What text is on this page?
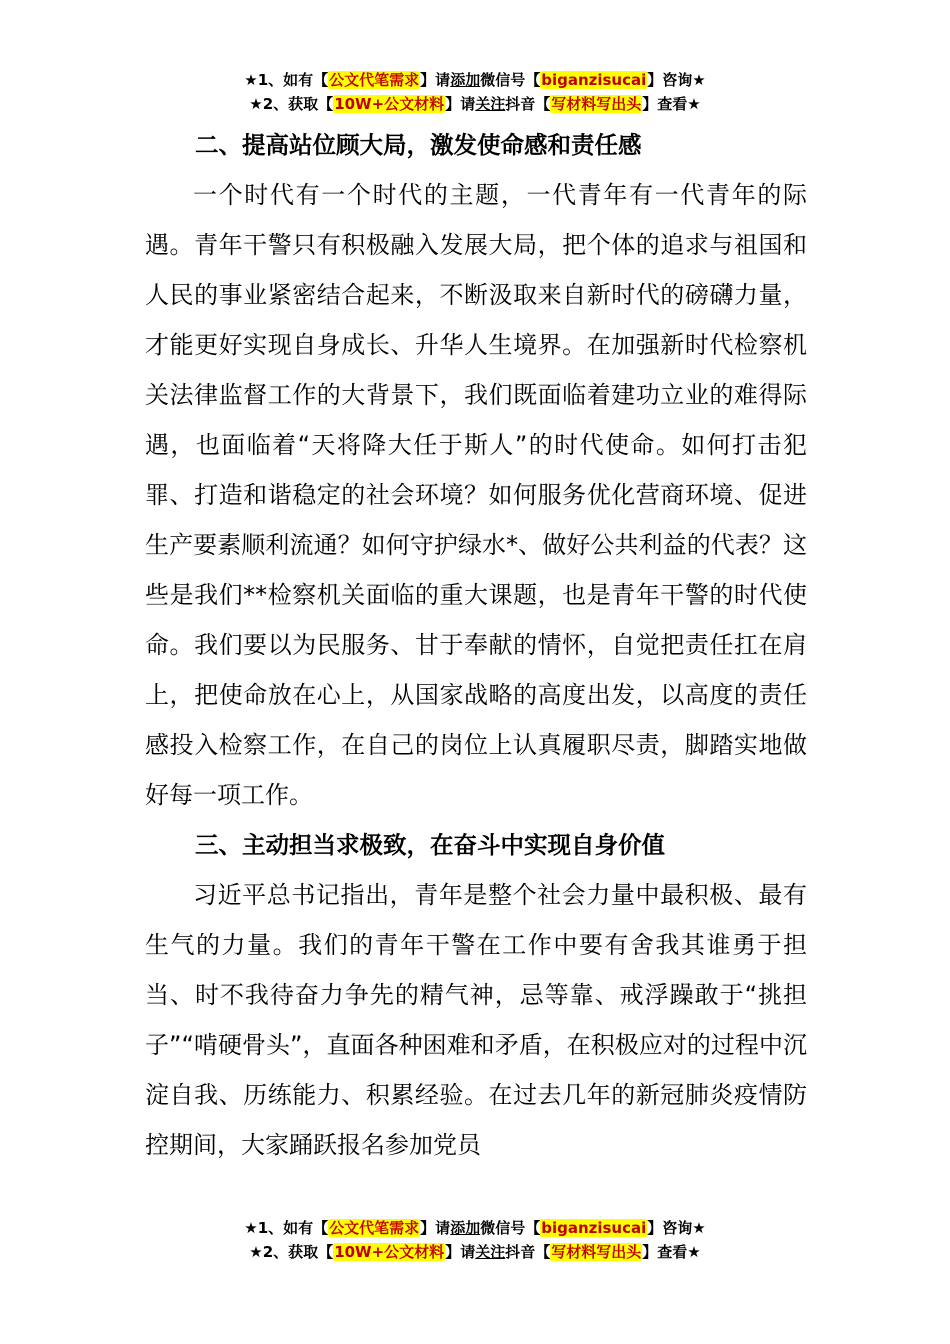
★1、如有【公文代笔需求】请添加微信号【biganzisucai】咨询★
★2、获取【10W+公文材料】请关注抖音【写材料写出头】查看★

二、提高站位顾大局，激发使命感和责任感

一个时代有一个时代的主题，一代青年有一代青年的际遇。青年干警只有积极融入发展大局，把个体的追求与祖国和人民的事业紧密结合起来，不断汲取来自新时代的磅礴力量，才能更好实现自身成长、升华人生境界。在加强新时代检察机关法律监督工作的大背景下，我们既面临着建功立业的难得际遇，也面临着“天将降大任于斯人”的时代使命。如何打击犯罪、打造和谐稳定的社会环境？如何服务优化营商环境、促进生产要素顺利流通？如何守护绿水*、做好公共利益的代表？这些是我们**检察机关面临的重大课题，也是青年干警的时代使命。我们要以为民服务、甘于奉献的情怀，自觉把责任扛在肩上，把使命放在心上，从国家战略的高度出发，以高度的责任感投入检察工作，在自己的岗位上认真履职尽责，脚踏实地做好每一项工作。

三、主动担当求极致，在奋斗中实现自身价值

习近平总书记指出，青年是整个社会力量中最积极、最有生气的力量。我们的青年干警在工作中要有舍我其谁勇于担当、时不我待奋力争先的精气神，忌等靠、戒浮躁敢于“挑担子”“啃硬骨头”，直面各种困难和矛盾，在积极应对的过程中沉淀自我、历练能力、积累经验。在过去几年的新冠肺炎疫情防控期间，大家踊跃报名参加党员

★1、如有【公文代笔需求】请添加微信号【biganzisucai】咨询★
★2、获取【10W+公文材料】请关注抖音【写材料写出头】查看★
